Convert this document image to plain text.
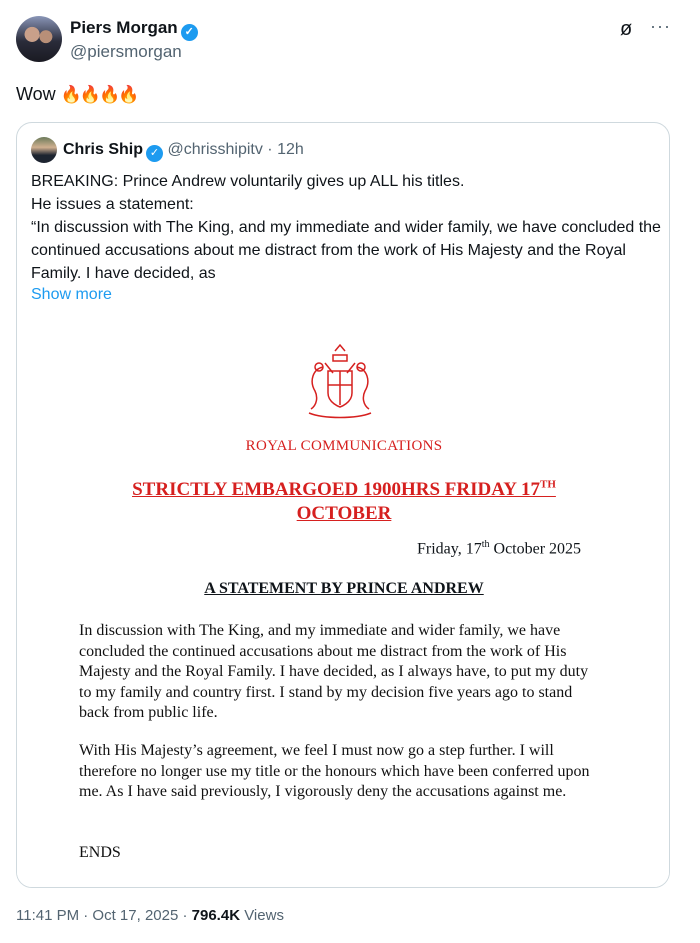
Piers Morgan ✓
@piersmorgan
ø ···
Wow 🔥🔥🔥🔥
Chris Ship ✓ @chrisshipitv · 12h
BREAKING: Prince Andrew voluntarily gives up ALL his titles.
He issues a statement:
“In discussion with The King, and my immediate and wider family, we have concluded the continued accusations about me distract from the work of His Majesty and the Royal Family. I have decided, as
Show more
ROYAL COMMUNICATIONS
STRICTLY EMBARGOED 1900HRS FRIDAY 17TH
OCTOBER
Friday, 17th October 2025
A STATEMENT BY PRINCE ANDREW
In discussion with The King, and my immediate and wider family, we have concluded the continued accusations about me distract from the work of His Majesty and the Royal Family. I have decided, as I always have, to put my duty to my family and country first. I stand by my decision five years ago to stand back from public life.
With His Majesty’s agreement, we feel I must now go a step further. I will therefore no longer use my title or the honours which have been conferred upon me. As I have said previously, I vigorously deny the accusations against me.
ENDS
11:41 PM · Oct 17, 2025 · 796.4K Views
